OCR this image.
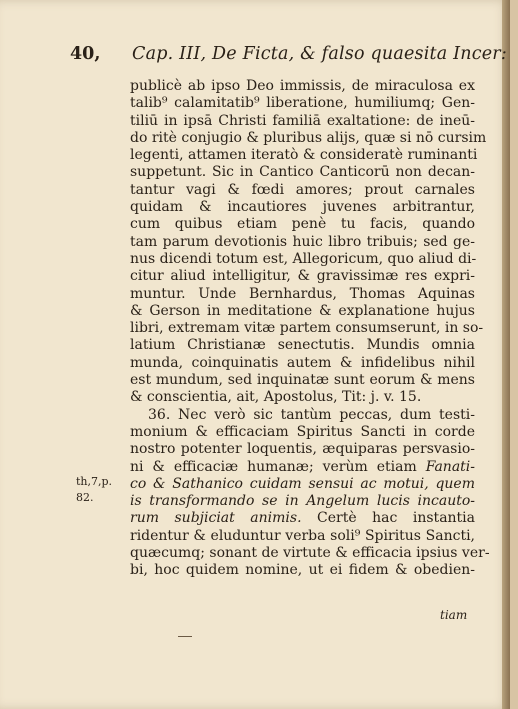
40, Cap. III, De Ficta, & falso quaesita Incer:
publicè ab ipso Deo immissis, de miraculosa ex
talib⁹ calamitatib⁹ liberatione, humiliumq; Gen-
tiliū in ipsā Christi familiā exaltatione: de ineū-
do ritè conjugio & pluribus alijs, quæ si nō cursim
legenti, attamen iteratò & consideratè ruminanti
suppetunt. Sic in Cantico Canticorū non decan-
tantur vagi & fœdi amores; prout carnales
quidam & incautiores juvenes arbitrantur,
cum quibus etiam penè tu facis, quando
tam parum devotionis huic libro tribuis; sed ge-
nus dicendi totum est, Allegoricum, quo aliud di-
citur aliud intelligitur, & gravissimæ res expri-
muntur. Unde Bernhardus, Thomas Aquinas
& Gerson in meditatione & explanatione hujus
libri, extremam vitæ partem consumserunt, in so-
latium Christianæ senectutis. Mundis omnia
munda, coinquinatis autem & infidelibus nihil
est mundum, sed inquinatæ sunt eorum & mens
& conscientia, ait, Apostolus, Tit: j. v. 15.
36. Nec verò sic tantùm peccas, dum testi-
monium & efficaciam Spiritus Sancti in corde
nostro potenter loquentis, æquiparas persvasio-
ni & efficaciæ humanæ; verùm etiam Fanati-
co & Sathanico cuidam sensui ac motui, quem
is transformando se in Angelum lucis incauto-
rum subjiciat animis. Certè hac instantia
ridentur & eluduntur verba soli⁹ Spiritus Sancti,
quæcumq; sonant de virtute & efficacia ipsius ver-
bi, hoc quidem nomine, ut ei fidem & obedien-
th,7,p.
82.
tiam
